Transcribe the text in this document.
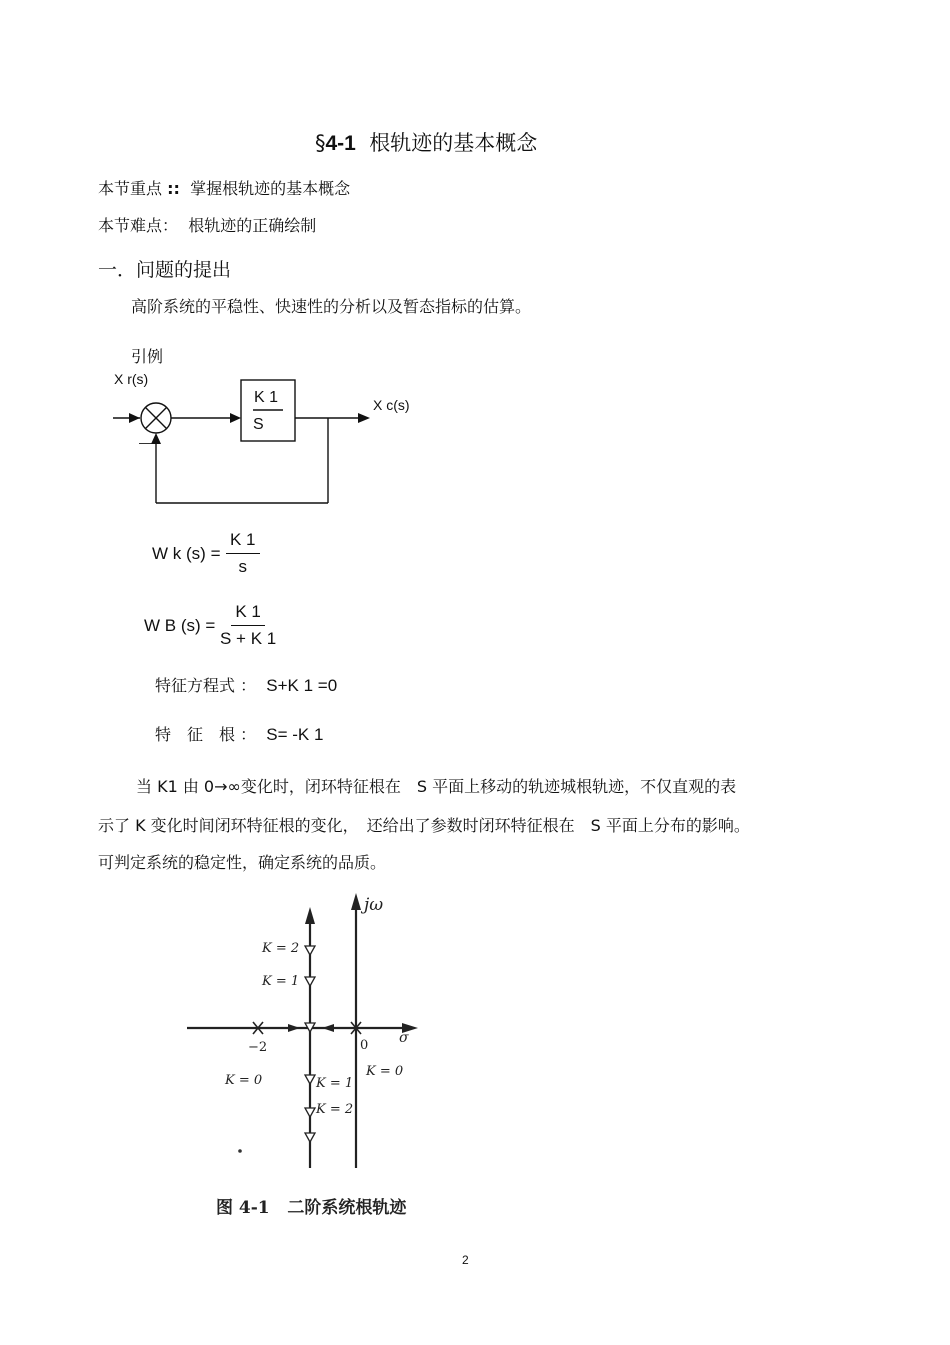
§4-1 根轨迹的基本概念
本节重点 :: 掌握根轨迹的基本概念
本节难点： 根轨迹的正确绘制
一．问题的提出
高阶系统的平稳性、快速性的分析以及暂态指标的估算。
引例
X r(s)
X c(s)
K 1
S
—
W k $(s) = \frac{K 1}{s}$
W B $(s) = \frac{K 1}{S + K 1}$
特征方程式 ： S+K 1 =0
特　征　根 ： S= -K 1
当 K1 由 0→∞变化时，闭环特征根在　S 平面上移动的轨迹城根轨迹，不仅直观的表
示了 K 变化时间闭环特征根的变化，　还给出了参数时闭环特征根在　S 平面上分布的影响。
可判定系统的稳定性，确定系统的品质。
jω
σ
0
−2
K = 2
K = 1
K = 0
K = 0
K = 1
K = 2
图 4-1 二阶系统根轨迹
2
